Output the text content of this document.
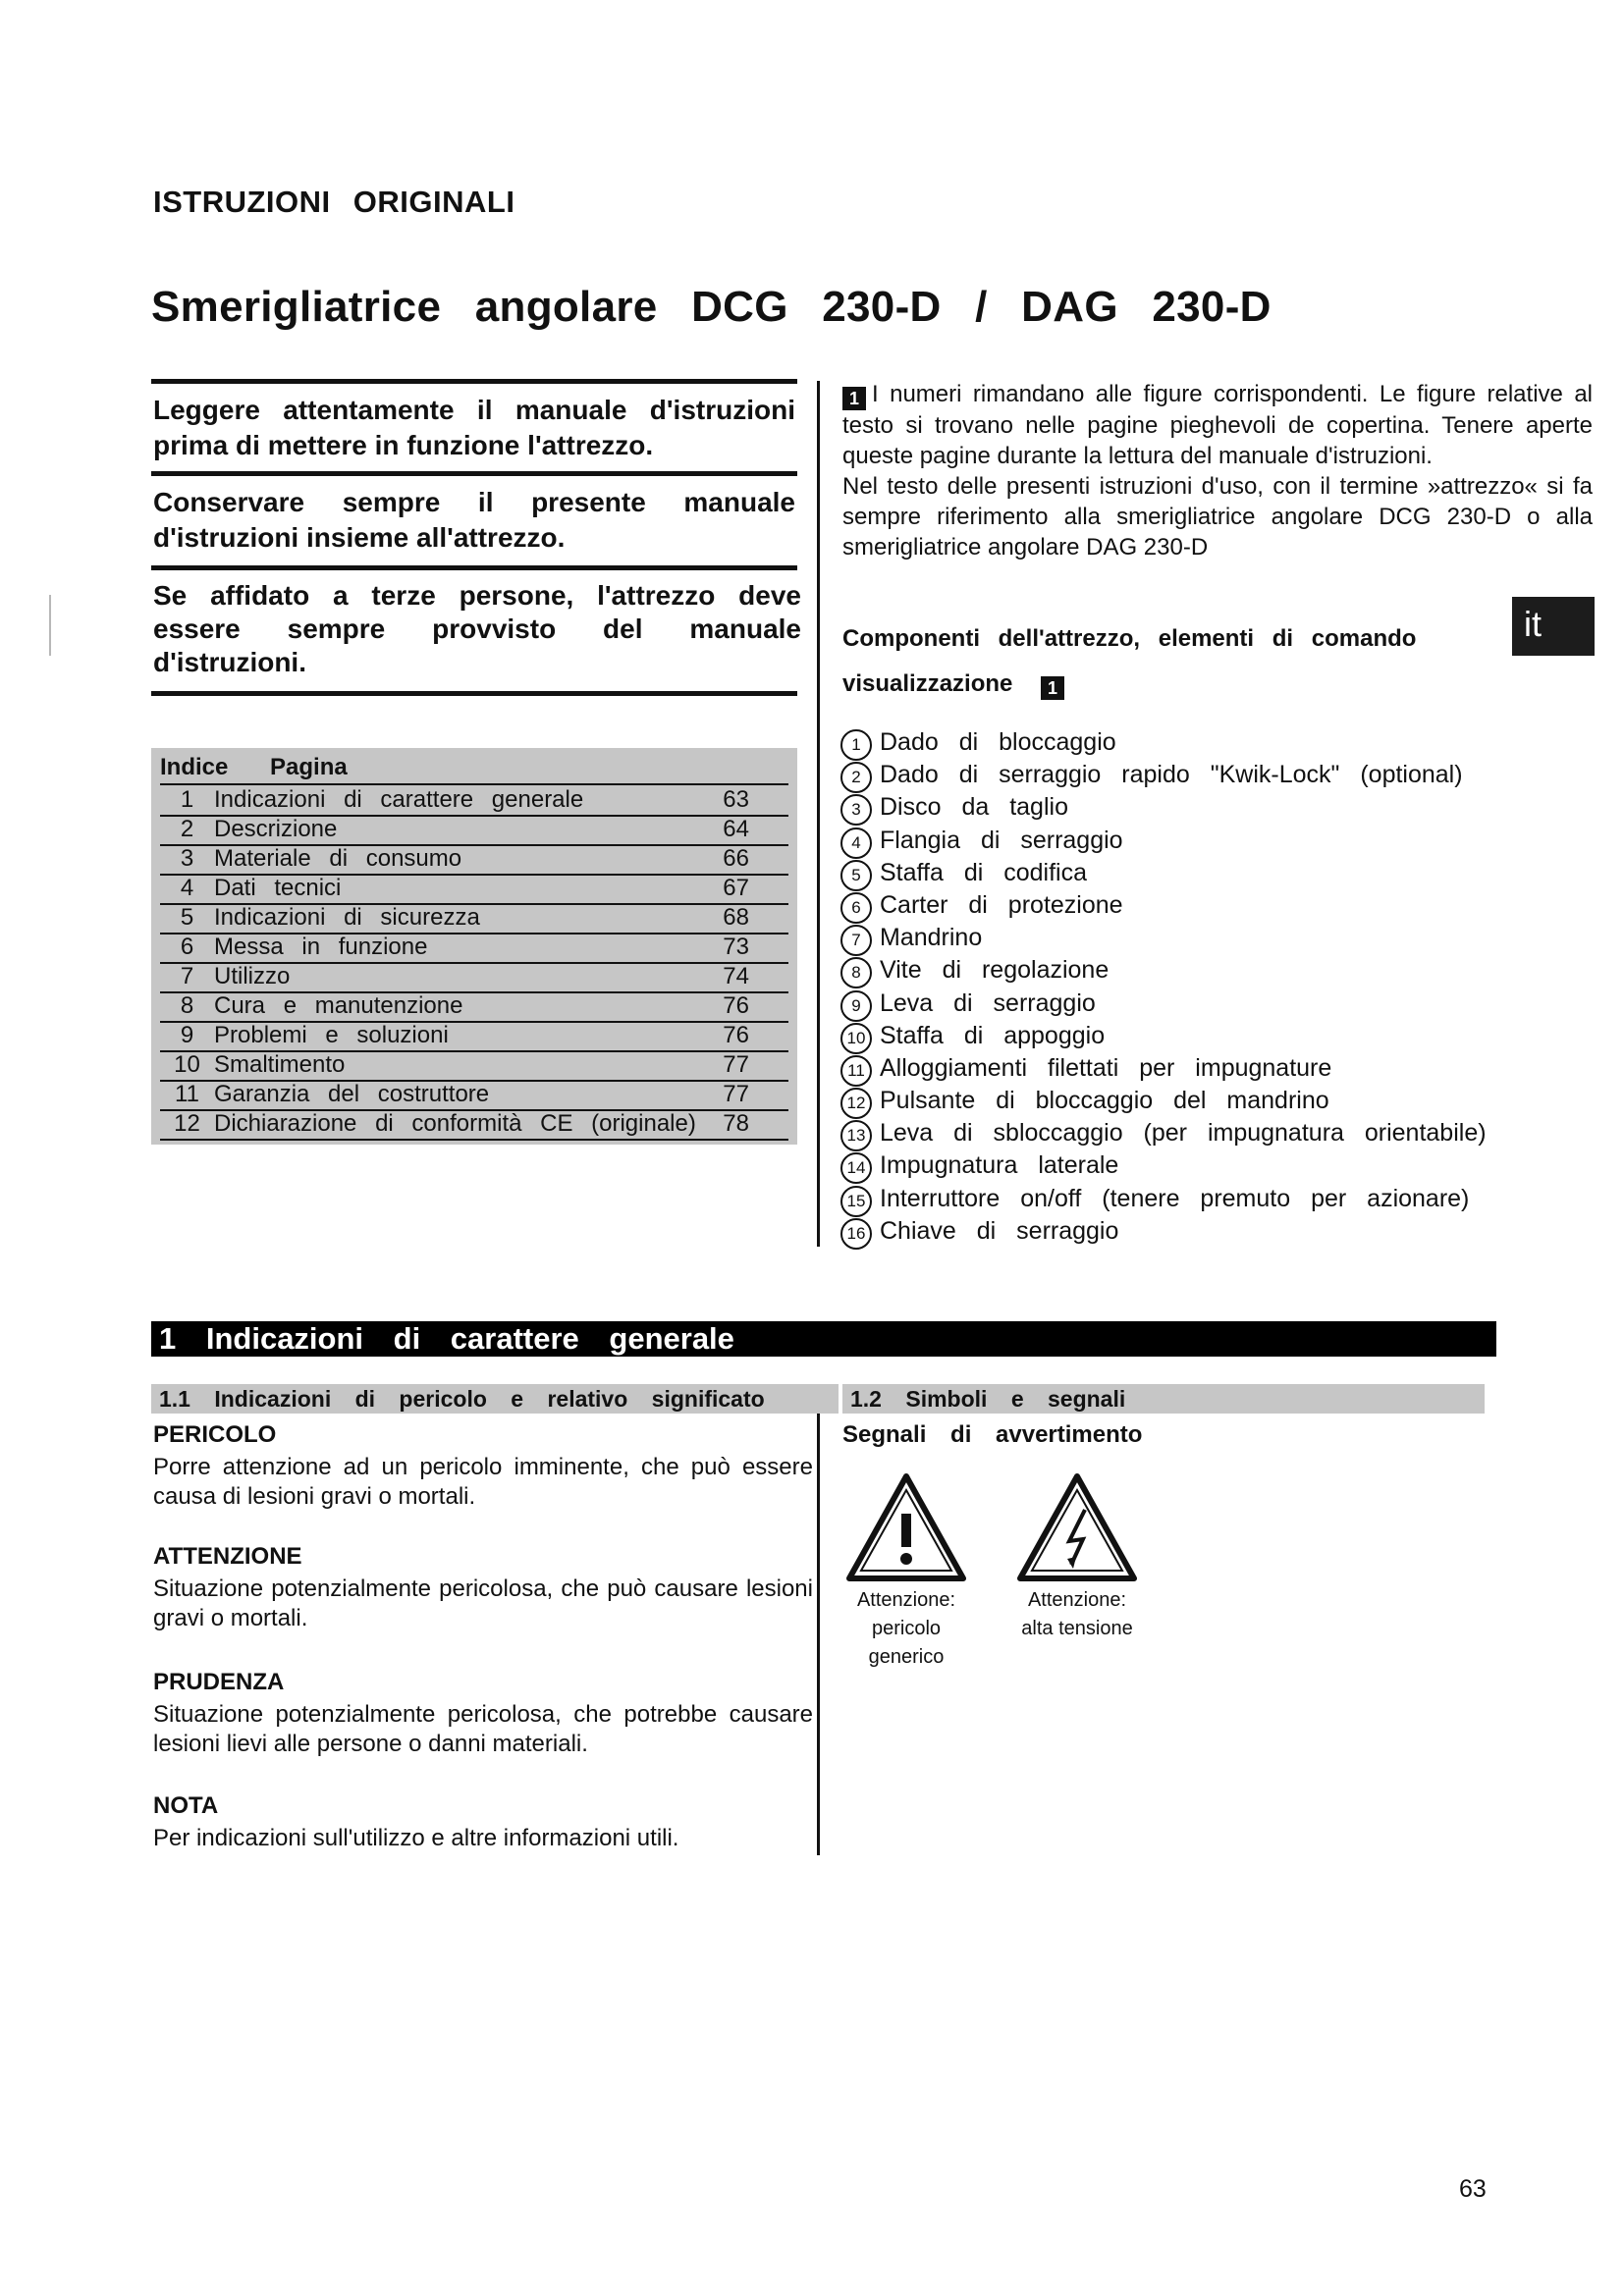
ISTRUZIONI ORIGINALI
Smerigliatrice angolare DCG 230-D / DAG 230-D
Leggere attentamente il manuale d'istruzioni prima di mettere in funzione l'attrezzo.
Conservare sempre il presente manuale d'istruzioni insieme all'attrezzo.
Se affidato a terze persone, l'attrezzo deve essere sempre provvisto del manuale d'istruzioni.

1 I numeri rimandano alle figure corrispondenti. Le figure relative al testo si trovano nelle pagine pieghevoli de copertina. Tenere aperte queste pagine durante la lettura del manuale d'istruzioni.

Nel testo delle presenti istruzioni d'uso, con il termine »attrezzo« si fa sempre riferimento alla smerigliatrice angolare DCG 230-D o alla smerigliatrice angolare DAG 230-D

it
Componenti dell'attrezzo, elementi di comando visualizzazione 1
1 Dado di bloccaggio
2 Dado di serraggio rapido "Kwik-Lock" (optional)
3 Disco da taglio
4 Flangia di serraggio
5 Staffa di codifica
6 Carter di protezione
7 Mandrino
8 Vite di regolazione
9 Leva di serraggio
10 Staffa di appoggio
11 Alloggiamenti filettati per impugnature
12 Pulsante di bloccaggio del mandrino
13 Leva di sbloccaggio (per impugnatura orientabile)
14 Impugnatura laterale
15 Interruttore on/off (tenere premuto per azionare)
16 Chiave di serraggio
Indice Pagina
1 Indicazioni di carattere generale	63
2 Descrizione	64
3 Materiale di consumo	66
4 Dati tecnici	67
5 Indicazioni di sicurezza	68
6 Messa in funzione	73
7 Utilizzo	74
8 Cura e manutenzione	76
9 Problemi e soluzioni	76
10 Smaltimento	77
11 Garanzia del costruttore	77
12 Dichiarazione di conformità CE (originale) 78
1 Indicazioni di carattere generale
1.1 Indicazioni di pericolo e relativo significato	1.2 Simboli e segnali
PERICOLO
Porre attenzione ad un pericolo imminente, che può essere causa di lesioni gravi o mortali.
ATTENZIONE
Situazione potenzialmente pericolosa, che può causare lesioni gravi o mortali.
PRUDENZA
Situazione potenzialmente pericolosa, che potrebbe causare lesioni lievi alle persone o danni materiali.
NOTA
Per indicazioni sull'utilizzo e altre informazioni utili.
Segnali di avvertimento
Attenzione: pericolo generico
Attenzione: alta tensione
63
